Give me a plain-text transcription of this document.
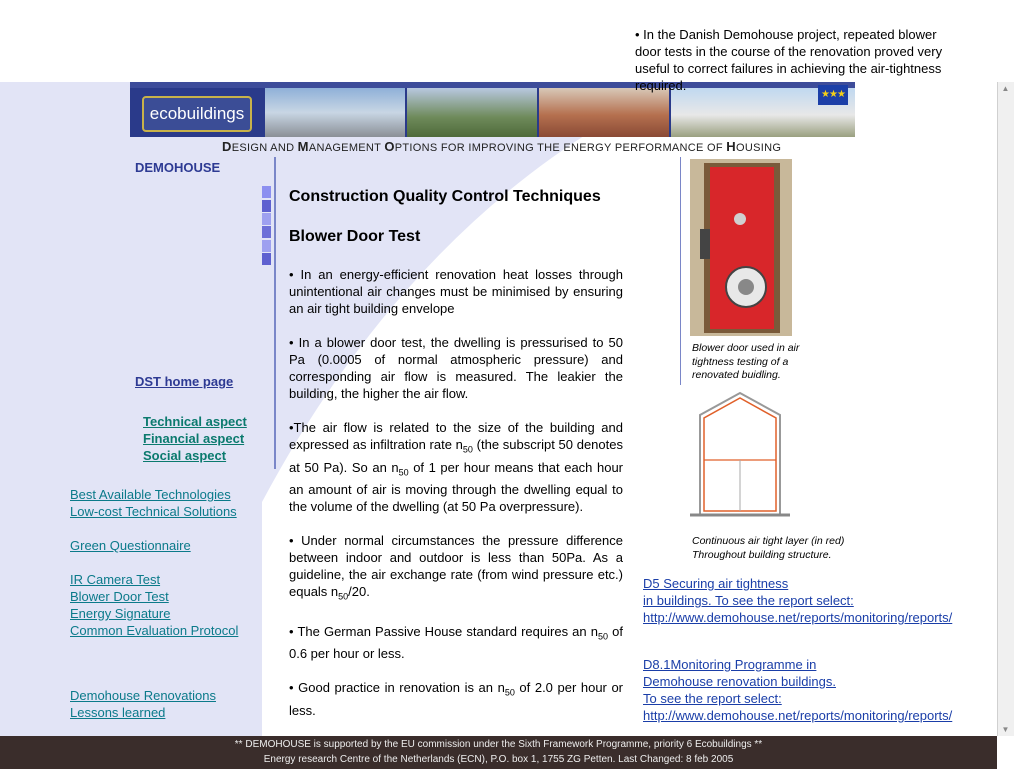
• In the Danish Demohouse project, repeated blower door tests in the course of the renovation proved very useful to correct failures in achieving the air-tightness required.	▲
▼
ecobuildings
★★★
DESIGN AND MANAGEMENT OPTIONS FOR IMPROVING THE ENERGY PERFORMANCE OF HOUSING
DEMOHOUSE
DST home page
Technical aspect
Financial aspect
Social aspect
Best Available Technologies
Low-cost Technical Solutions
Green Questionnaire
IR Camera Test
Blower Door Test
Energy Signature
Common Evaluation Protocol
Demohouse Renovations
Lessons learned
Construction Quality Control Techniques
Blower Door Test

• In an energy-efficient renovation heat losses through unintentional air changes must be minimised by ensuring an air tight building envelope

• In a blower door test, the dwelling is pressurised to 50 Pa (0.0005 of normal atmospheric pressure) and corresponding air flow is measured. The leakier the building, the higher the air flow.

•The air flow is related to the size of the building and expressed as infiltration rate $n_{50}$ (the subscript 50 denotes at 50 Pa). So an $n_{50}$ of 1 per hour means that each hour an amount of air is moving through the dwelling equal to the volume of the dwelling (at 50 Pa overpressure).

• Under normal circumstances the pressure difference between indoor and outdoor is less than 50Pa. As a guideline, the air exchange rate (from wind pressure etc.) equals $n_{50}/20$.

• The German Passive House standard requires an $n_{50}$ of 0.6 per hour or less.

• Good practice in renovation is an $n_{50}$ of 2.0 per hour or less.

Blower door used in air tightness testing of a renovated buidling.
Continuous air tight layer (in red) Throughout building structure.
D5 Securing air tightness
in buildings. To see the report select:
http://www.demohouse.net/reports/monitoring/reports/
D8.1Monitoring Programme in
Demohouse renovation buildings.
To see the report select:
http://www.demohouse.net/reports/monitoring/reports/
** DEMOHOUSE is supported by the EU commission under the Sixth Framework Programme, priority 6 Ecobuildings **
Energy research Centre of the Netherlands (ECN), P.O. box 1, 1755 ZG Petten. Last Changed: 8 feb 2005
